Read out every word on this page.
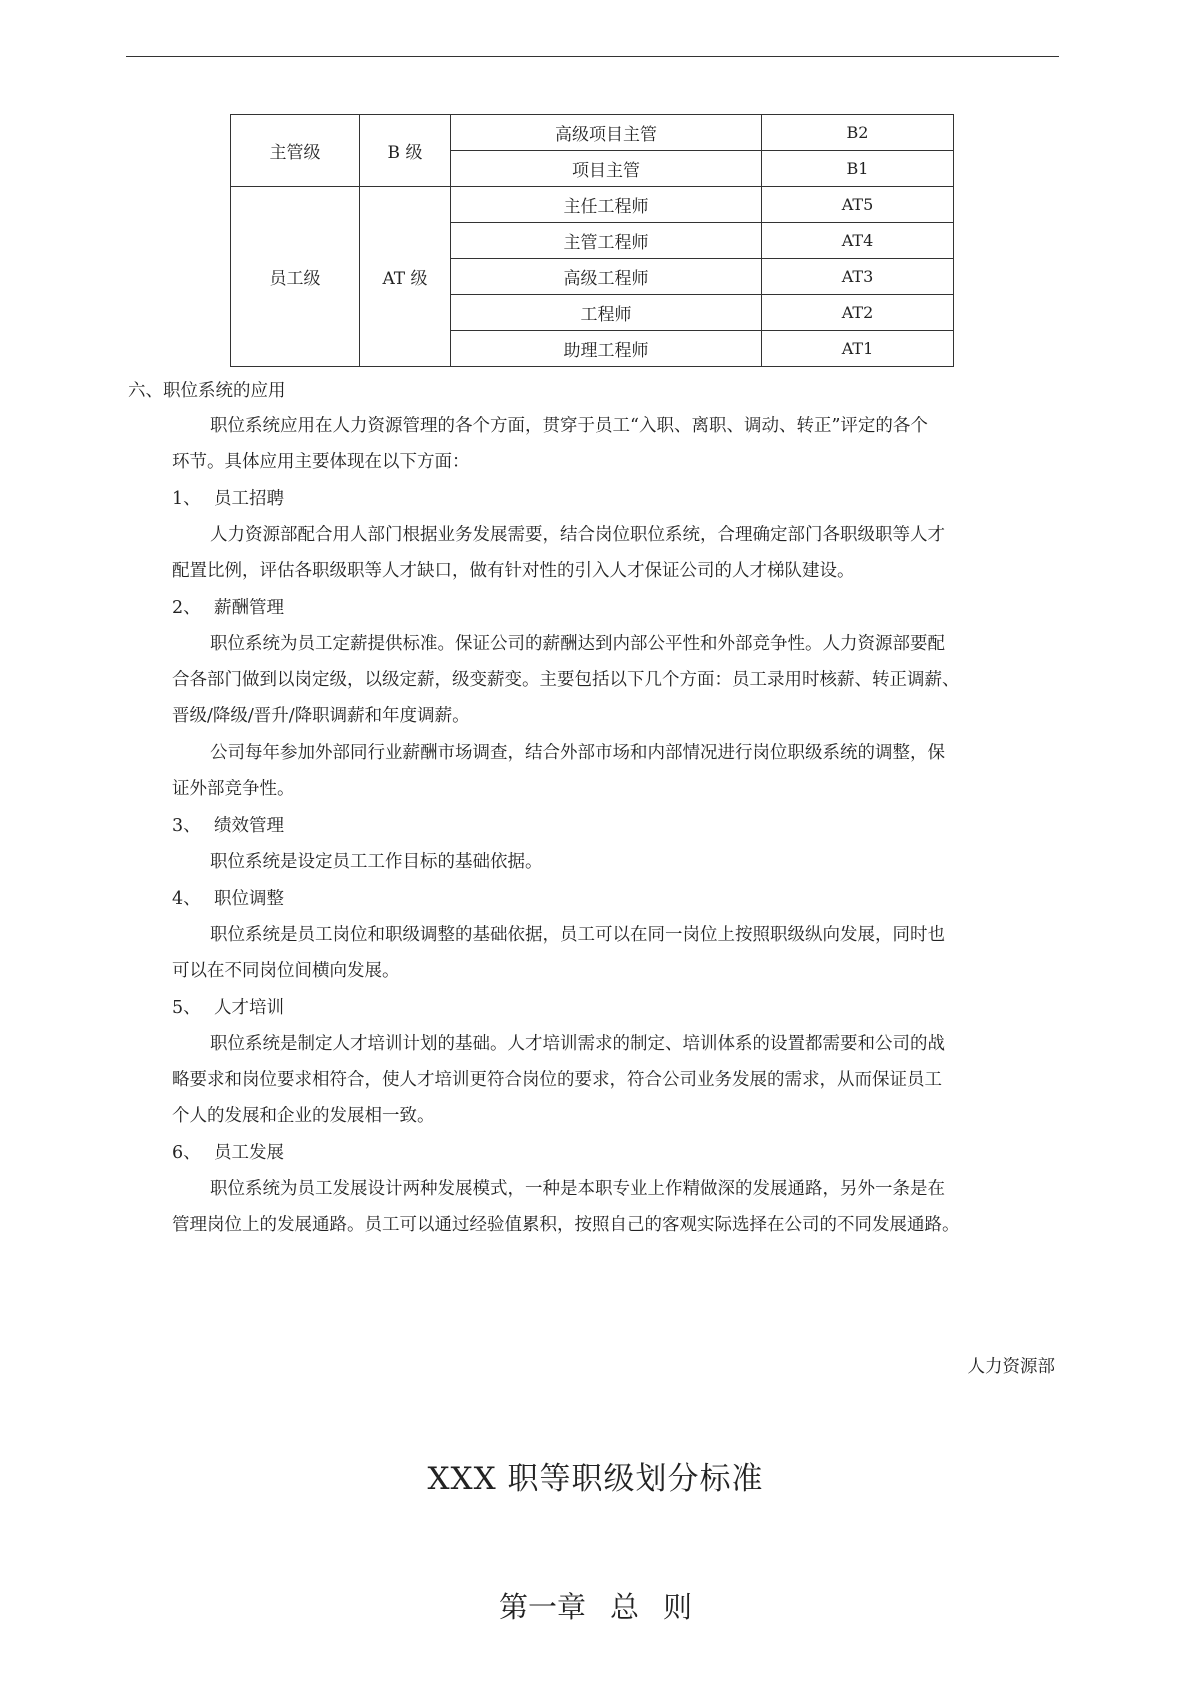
主管级	B 级	高级项目主管	B2
		项目主管	B1
员工级	AT 级	主任工程师	AT5
		主管工程师	AT4
		高级工程师	AT3
		工程师	AT2
		助理工程师	AT1
六、职位系统的应用
职位系统应用在人力资源管理的各个方面，贯穿于员工“入职、离职、调动、转正”评定的各个
环节。具体应用主要体现在以下方面：
1、 员工招聘
人力资源部配合用人部门根据业务发展需要，结合岗位职位系统，合理确定部门各职级职等人才
配置比例，评估各职级职等人才缺口，做有针对性的引入人才保证公司的人才梯队建设。
2、 薪酬管理
职位系统为员工定薪提供标准。保证公司的薪酬达到内部公平性和外部竞争性。人力资源部要配
合各部门做到以岗定级，以级定薪，级变薪变。主要包括以下几个方面：员工录用时核薪、转正调薪、
晋级/降级/晋升/降职调薪和年度调薪。
公司每年参加外部同行业薪酬市场调查，结合外部市场和内部情况进行岗位职级系统的调整，保
证外部竞争性。
3、 绩效管理
职位系统是设定员工工作目标的基础依据。
4、 职位调整
职位系统是员工岗位和职级调整的基础依据，员工可以在同一岗位上按照职级纵向发展，同时也
可以在不同岗位间横向发展。
5、 人才培训
职位系统是制定人才培训计划的基础。人才培训需求的制定、培训体系的设置都需要和公司的战
略要求和岗位要求相符合，使人才培训更符合岗位的要求，符合公司业务发展的需求，从而保证员工
个人的发展和企业的发展相一致。
6、 员工发展
职位系统为员工发展设计两种发展模式，一种是本职专业上作精做深的发展通路，另外一条是在
管理岗位上的发展通路。员工可以通过经验值累积，按照自己的客观实际选择在公司的不同发展通路。
人力资源部
XXX 职等职级划分标准
第一章 总 则
